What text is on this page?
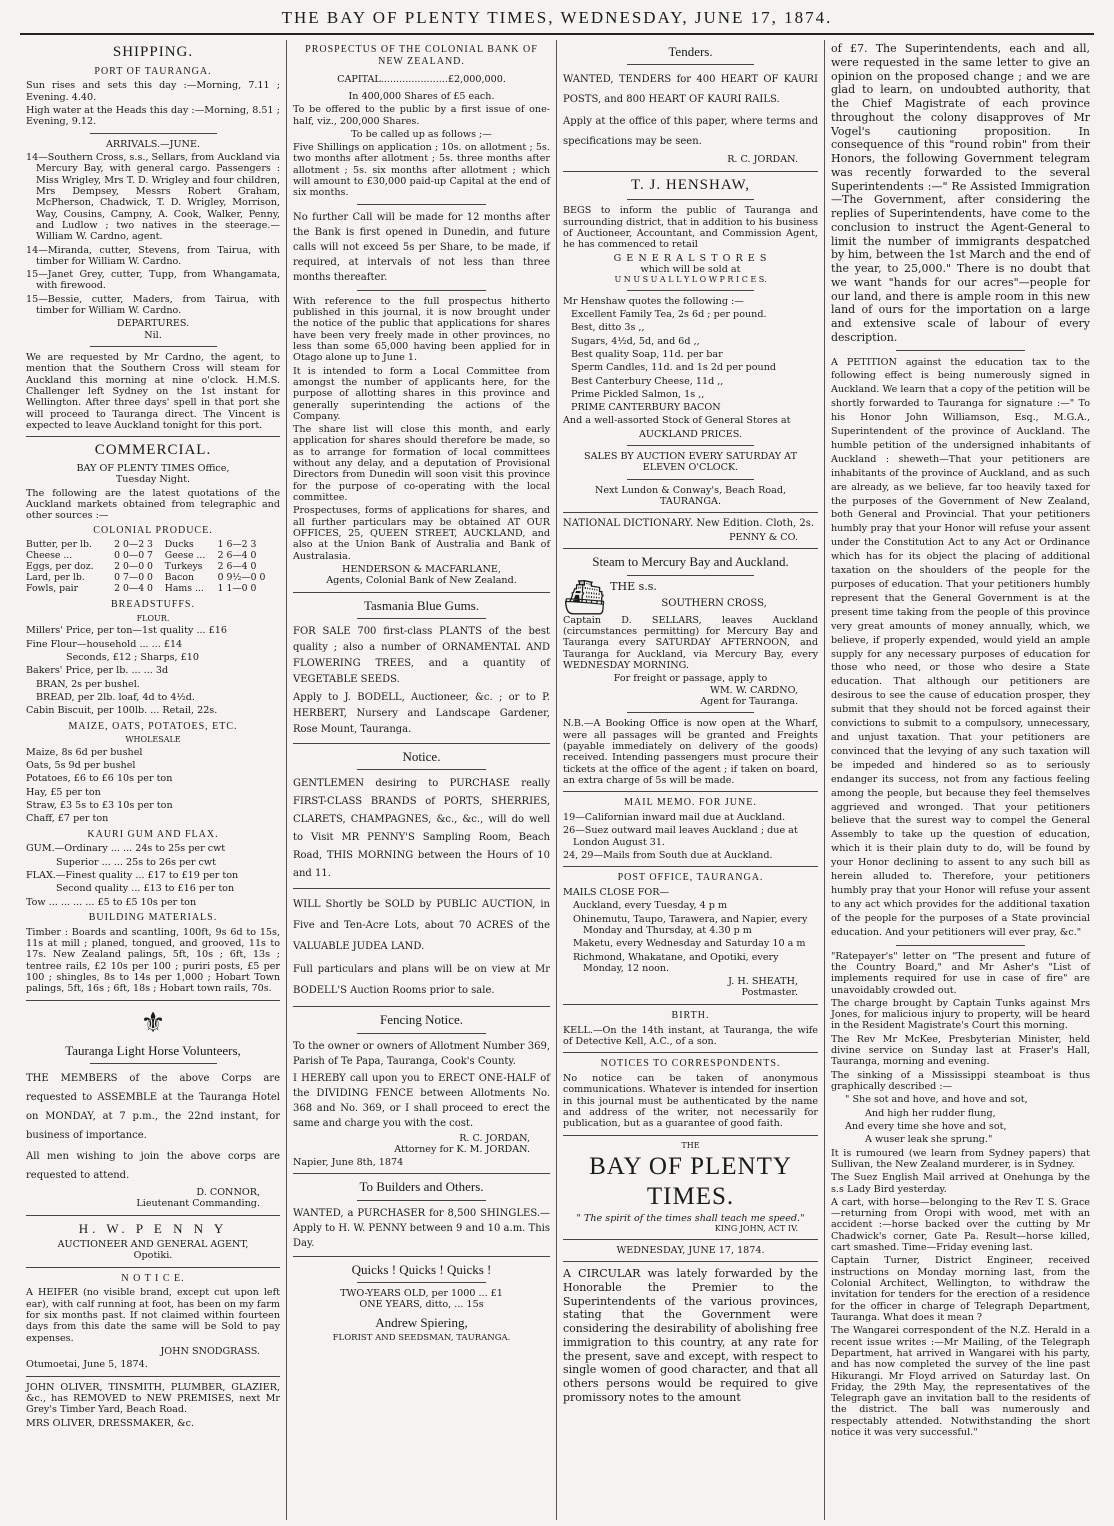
THE BAY OF PLENTY TIMES, WEDNESDAY, JUNE 17, 1874.
SHIPPING.
PORT OF TAURANGA.

Sun rises and sets this day :—Morning, 7.11 ; Evening. 4.40.

High water at the Heads this day :—Morning, 8.51 ; Evening, 9.12.

ARRIVALS.—JUNE.

14—Southern Cross, s.s., Sellars, from Auckland via Mercury Bay, with general cargo. Passengers : Miss Wrigley, Mrs T. D. Wrigley and four children, Mrs Dempsey, Messrs Robert Graham, McPherson, Chadwick, T. D. Wrigley, Morrison, Way, Cousins, Campny, A. Cook, Walker, Penny, and Ludlow ; two natives in the steerage.—William W. Cardno, agent.

14—Miranda, cutter, Stevens, from Tairua, with timber for William W. Cardno.

15—Janet Grey, cutter, Tupp, from Whangamata, with firewood.

15—Bessie, cutter, Maders, from Tairua, with timber for William W. Cardno.

DEPARTURES.
Nil.

We are requested by Mr Cardno, the agent, to mention that the Southern Cross will steam for Auckland this morning at nine o'clock. H.M.S. Challenger left Sydney on the 1st instant for Wellington. After three days' spell in that port she will proceed to Tauranga direct. The Vincent is expected to leave Auckland tonight for this port.

COMMERCIAL.
BAY OF PLENTY TIMES Office,
Tuesday Night.

The following are the latest quotations of the Auckland markets obtained from telegraphic and other sources :—

COLONIAL PRODUCE.
Butter, per lb.	2 0—2 3	Ducks	1 6—2 3
Cheese ...	0 0—0 7	Geese ...	2 6—4 0
Eggs, per doz.	2 0—0 0	Turkeys	2 6—4 0
Lard, per lb.	0 7—0 0	Bacon	0 9½—0 0
Fowls, pair	2 0—4 0	Hams ...	1 1—0 0
BREADSTUFFS.
FLOUR.

Millers' Price, per ton—1st quality ... £16

Fine Flour—household ... ... £14

Seconds, £12 ; Sharps, £10

Bakers' Price, per lb. ... ... 3d

BRAN, 2s per bushel.

BREAD, per 2lb. loaf, 4d to 4½d.

Cabin Biscuit, per 100lb. ... Retail, 22s.

MAIZE, OATS, POTATOES, ETC.
WHOLESALE

Maize, 8s 6d per bushel

Oats, 5s 9d per bushel

Potatoes, £6 to £6 10s per ton

Hay, £5 per ton

Straw, £3 5s to £3 10s per ton

Chaff, £7 per ton

KAURI GUM AND FLAX.

GUM.—Ordinary ... ... 24s to 25s per cwt

Superior ... ... 25s to 26s per cwt

FLAX.—Finest quality ... £17 to £19 per ton

Second quality ... £13 to £16 per ton

Tow ... ... ... ... £5 to £5 10s per ton

BUILDING MATERIALS.

Timber : Boards and scantling, 100ft, 9s 6d to 15s, 11s at mill ; planed, tongued, and grooved, 11s to 17s. New Zealand palings, 5ft, 10s ; 6ft, 13s ; tentree rails, £2 10s per 100 ; puriri posts, £5 per 100 ; shingles, 8s to 14s per 1,000 ; Hobart Town palings, 5ft, 16s ; 6ft, 18s ; Hobart town rails, 70s.

⚜
Tauranga Light Horse Volunteers,

THE MEMBERS of the above Corps are requested to ASSEMBLE at the Tauranga Hotel on MONDAY, at 7 p.m., the 22nd instant, for business of importance.

All men wishing to join the above corps are requested to attend.

D. CONNOR,
Lieutenant Commanding.
H. W. P E N N Y
AUCTIONEER AND GENERAL AGENT,
Opotiki.
N O T I C E.

A HEIFER (no visible brand, except cut upon left ear), with calf running at foot, has been on my farm for six months past. If not claimed within fourteen days from this date the same will be Sold to pay expenses.

JOHN SNODGRASS.

Otumoetai, June 5, 1874.

JOHN OLIVER, TINSMITH, PLUMBER, GLAZIER, &c., has REMOVED to NEW PREMISES, next Mr Grey's Timber Yard, Beach Road.

MRS OLIVER, DRESSMAKER, &c.

PROSPECTUS OF THE COLONIAL BANK OF NEW ZEALAND.
CAPITAL......................£2,000,000.
In 400,000 Shares of £5 each.

To be offered to the public by a first issue of one-half, viz., 200,000 Shares.

To be called up as follows ;—

Five Shillings on application ; 10s. on allotment ; 5s. two months after allotment ; 5s. three months after allotment ; 5s. six months after allotment ; which will amount to £30,000 paid-up Capital at the end of six months.

No further Call will be made for 12 months after the Bank is first opened in Dunedin, and future calls will not exceed 5s per Share, to be made, if required, at intervals of not less than three months thereafter.

With reference to the full prospectus hitherto published in this journal, it is now brought under the notice of the public that applications for shares have been very freely made in other provinces, no less than some 65,000 having been applied for in Otago alone up to June 1.

It is intended to form a Local Committee from amongst the number of applicants here, for the purpose of allotting shares in this province and generally superintending the actions of the Company.

The share list will close this month, and early application for shares should therefore be made, so as to arrange for formation of local committees without any delay, and a deputation of Provisional Directors from Dunedin will soon visit this province for the purpose of co-operating with the local committee.

Prospectuses, forms of applications for shares, and all further particulars may be obtained AT OUR OFFICES, 25, QUEEN STREET, AUCKLAND, and also at the Union Bank of Australia and Bank of Australasia.

HENDERSON & MACFARLANE,
Agents, Colonial Bank of New Zealand.
Tasmania Blue Gums.

FOR SALE 700 first-class PLANTS of the best quality ; also a number of ORNAMENTAL AND FLOWERING TREES, and a quantity of VEGETABLE SEEDS.

Apply to J. BODELL, Auctioneer, &c. ; or to P. HERBERT, Nursery and Landscape Gardener, Rose Mount, Tauranga.

Notice.

GENTLEMEN desiring to PURCHASE really FIRST-CLASS BRANDS of PORTS, SHERRIES, CLARETS, CHAMPAGNES, &c., &c., will do well to Visit MR PENNY'S Sampling Room, Beach Road, THIS MORNING between the Hours of 10 and 11.

WILL Shortly be SOLD by PUBLIC AUCTION, in Five and Ten-Acre Lots, about 70 ACRES of the VALUABLE JUDEA LAND.

Full particulars and plans will be on view at Mr BODELL'S Auction Rooms prior to sale.

Fencing Notice.

To the owner or owners of Allotment Number 369, Parish of Te Papa, Tauranga, Cook's County.

I HEREBY call upon you to ERECT ONE-HALF of the DIVIDING FENCE between Allotments No. 368 and No. 369, or I shall proceed to erect the same and charge you with the cost.

R. C. JORDAN,
Attorney for K. M. JORDAN.

Napier, June 8th, 1874

To Builders and Others.

WANTED, a PURCHASER for 8,500 SHINGLES.—Apply to H. W. PENNY between 9 and 10 a.m. This Day.

Quicks ! Quicks ! Quicks !
TWO-YEARS OLD, per 1000 ... £1
ONE YEARS, ditto, ... 15s
Andrew Spiering,
FLORIST AND SEEDSMAN, TAURANGA.
Tenders.

WANTED, TENDERS for 400 HEART OF KAURI POSTS, and 800 HEART OF KAURI RAILS.

Apply at the office of this paper, where terms and specifications may be seen.

R. C. JORDAN.
T. J. HENSHAW,

BEGS to inform the public of Tauranga and surrounding district, that in addition to his business of Auctioneer, Accountant, and Commission Agent, he has commenced to retail

G E N E R A L S T O R E S
which will be sold at
U N U S U A L L Y L O W P R I C E S.

Mr Henshaw quotes the following :—

Excellent Family Tea, 2s 6d ; per pound.

Best, ditto 3s ,,

Sugars, 4½d, 5d, and 6d ,,

Best quality Soap, 11d. per bar

Sperm Candles, 11d. and 1s 2d per pound

Best Canterbury Cheese, 11d ,,

Prime Pickled Salmon, 1s ,,

PRIME CANTERBURY BACON

And a well-assorted Stock of General Stores at

AUCKLAND PRICES.
SALES BY AUCTION EVERY SATURDAY AT ELEVEN O'CLOCK.
Next Lundon & Conway's, Beach Road, TAURANGA.

NATIONAL DICTIONARY. New Edition. Cloth, 2s.

PENNY & CO.
Steam to Mercury Bay and Auckland.
⛴ THE s.s.
SOUTHERN CROSS,

Captain D. SELLARS, leaves Auckland (circumstances permitting) for Mercury Bay and Tauranga every SATURDAY AFTERNOON, and Tauranga for Auckland, via Mercury Bay, every WEDNESDAY MORNING.

For freight or passage, apply to
WM. W. CARDNO,
Agent for Tauranga.

N.B.—A Booking Office is now open at the Wharf, were all passages will be granted and Freights (payable immediately on delivery of the goods) received. Intending passengers must procure their tickets at the office of the agent ; if taken on board, an extra charge of 5s will be made.

MAIL MEMO. FOR JUNE.

19—Californian inward mail due at Auckland.

26—Suez outward mail leaves Auckland ; due at London August 31.

24, 29—Mails from South due at Auckland.

POST OFFICE, TAURANGA.

MAILS CLOSE FOR—

Auckland, every Tuesday, 4 p m

Ohinemutu, Taupo, Tarawera, and Napier, every Monday and Thursday, at 4.30 p m

Maketu, every Wednesday and Saturday 10 a m

Richmond, Whakatane, and Opotiki, every Monday, 12 noon.

J. H. SHEATH,
Postmaster.
BIRTH.

KELL.—On the 14th instant, at Tauranga, the wife of Detective Kell, A.C., of a son.

NOTICES TO CORRESPONDENTS.

No notice can be taken of anonymous communications. Whatever is intended for insertion in this journal must be authenticated by the name and address of the writer, not necessarily for publication, but as a guarantee of good faith.

THE
BAY OF PLENTY TIMES.
" The spirit of the times shall teach me speed."
KING JOHN, ACT IV.
WEDNESDAY, JUNE 17, 1874.

A CIRCULAR was lately forwarded by the Honorable the Premier to the Superintendents of the various provinces, stating that the Government were considering the desirability of abolishing free immigration to this country, at any rate for the present, save and except, with respect to single women of good character, and that all others persons would be required to give promissory notes to the amount

of £7. The Superintendents, each and all, were requested in the same letter to give an opinion on the proposed change ; and we are glad to learn, on undoubted authority, that the Chief Magistrate of each province throughout the colony disapproves of Mr Vogel's cautioning proposition. In consequence of this "round robin" from their Honors, the following Government telegram was recently forwarded to the several Superintendents :—" Re Assisted Immigration—The Government, after considering the replies of Superintendents, have come to the conclusion to instruct the Agent-General to limit the number of immigrants despatched by him, between the 1st March and the end of the year, to 25,000." There is no doubt that we want "hands for our acres"—people for our land, and there is ample room in this new land of ours for the importation on a large and extensive scale of labour of every description.

A PETITION against the education tax to the following effect is being numerously signed in Auckland. We learn that a copy of the petition will be shortly forwarded to Tauranga for signature :—" To his Honor John Williamson, Esq., M.G.A., Superintendent of the province of Auckland. The humble petition of the undersigned inhabitants of Auckland : sheweth—That your petitioners are inhabitants of the province of Auckland, and as such are already, as we believe, far too heavily taxed for the purposes of the Government of New Zealand, both General and Provincial. That your petitioners humbly pray that your Honor will refuse your assent under the Constitution Act to any Act or Ordinance which has for its object the placing of additional taxation on the shoulders of the people for the purposes of education. That your petitioners humbly represent that the General Government is at the present time taking from the people of this province very great amounts of money annually, which, we believe, if properly expended, would yield an ample supply for any necessary purposes of education for those who need, or those who desire a State education. That although our petitioners are desirous to see the cause of education prosper, they submit that they should not be forced against their convictions to submit to a compulsory, unnecessary, and unjust taxation. That your petitioners are convinced that the levying of any such taxation will be impeded and hindered so as to seriously endanger its success, not from any factious feeling among the people, but because they feel themselves aggrieved and wronged. That your petitioners believe that the surest way to compel the General Assembly to take up the question of education, which it is their plain duty to do, will be found by your Honor declining to assent to any such bill as herein alluded to. Therefore, your petitioners humbly pray that your Honor will refuse your assent to any act which provides for the additional taxation of the people for the purposes of a State provincial education. And your petitioners will ever pray, &c."

"Ratepayer's" letter on "The present and future of the Country Board," and Mr Asher's "List of implements required for use in case of fire" are unavoidably crowded out.

The charge brought by Captain Tunks against Mrs Jones, for malicious injury to property, will be heard in the Resident Magistrate's Court this morning.

The Rev Mr McKee, Presbyterian Minister, held divine service on Sunday last at Fraser's Hall, Tauranga, morning and evening.

The sinking of a Mississippi steamboat is thus graphically described :—

" She sot and hove, and hove and sot,

And high her rudder flung,

And every time she hove and sot,

A wuser leak she sprung."

It is rumoured (we learn from Sydney papers) that Sullivan, the New Zealand murderer, is in Sydney.

The Suez English Mail arrived at Onehunga by the s.s Lady Bird yesterday.

A cart, with horse—belonging to the Rev T. S. Grace—returning from Oropi with wood, met with an accident :—horse backed over the cutting by Mr Chadwick's corner, Gate Pa. Result—horse killed, cart smashed. Time—Friday evening last.

Captain Turner, District Engineer, received instructions on Monday morning last, from the Colonial Architect, Wellington, to withdraw the invitation for tenders for the erection of a residence for the officer in charge of Telegraph Department, Tauranga. What does it mean ?

The Wangarei correspondent of the N.Z. Herald in a recent issue writes :—Mr Mailing, of the Telegraph Department, hat arrived in Wangarei with his party, and has now completed the survey of the line past Hikurangi. Mr Floyd arrived on Saturday last. On Friday, the 29th May, the representatives of the Telegraph gave an invitation ball to the residents of the district. The ball was numerously and respectably attended. Notwithstanding the short notice it was very successful."
